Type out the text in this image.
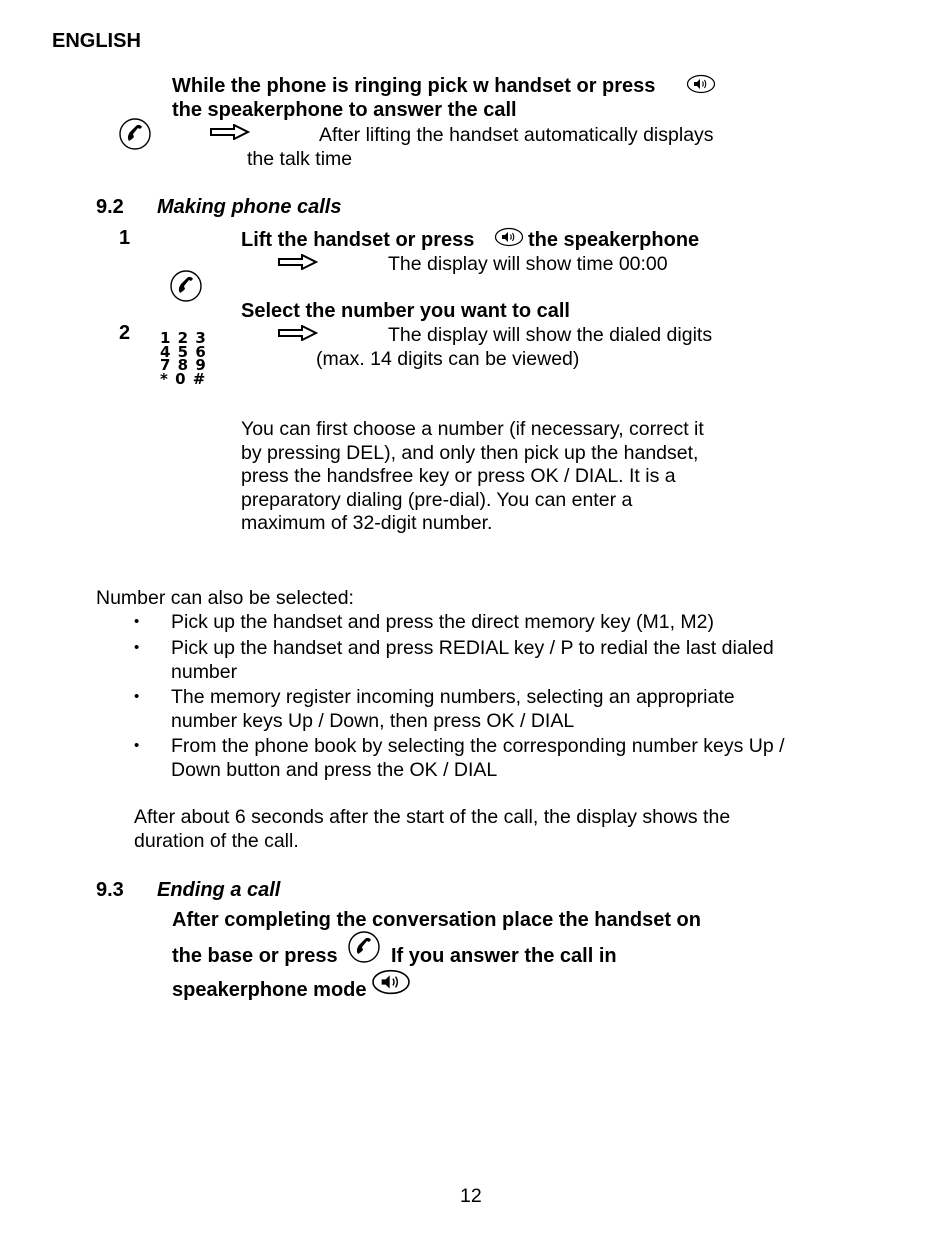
ENGLISH
While the phone is ringing pick w handset or press
the speakerphone to answer the call
After lifting the handset automatically displays
the talk time
9.2 Making phone calls
1	Lift the handset or press	the speakerphone
The display will show time 00:00
Select the number you want to call
2 1 2 3
4 5 6
7 8 9
* 0 #
The display will show the dialed digits
(max. 14 digits can be viewed)
You can first choose a number (if necessary, correct it
by pressing DEL), and only then pick up the handset,
press the handsfree key or press OK / DIAL. It is a
preparatory dialing (pre-dial). You can enter a
maximum of 32-digit number.
Number can also be selected:
• Pick up the handset and press the direct memory key (M1, M2)
• Pick up the handset and press REDIAL key / P to redial the last dialed
number
• The memory register incoming numbers, selecting an appropriate
number keys Up / Down, then press OK / DIAL
• From the phone book by selecting the corresponding number keys Up /
Down button and press the OK / DIAL
After about 6 seconds after the start of the call, the display shows the
duration of the call.
9.3 Ending a call
After completing the conversation place the handset on
the base or press	If you answer the call in
speakerphone mode
12
